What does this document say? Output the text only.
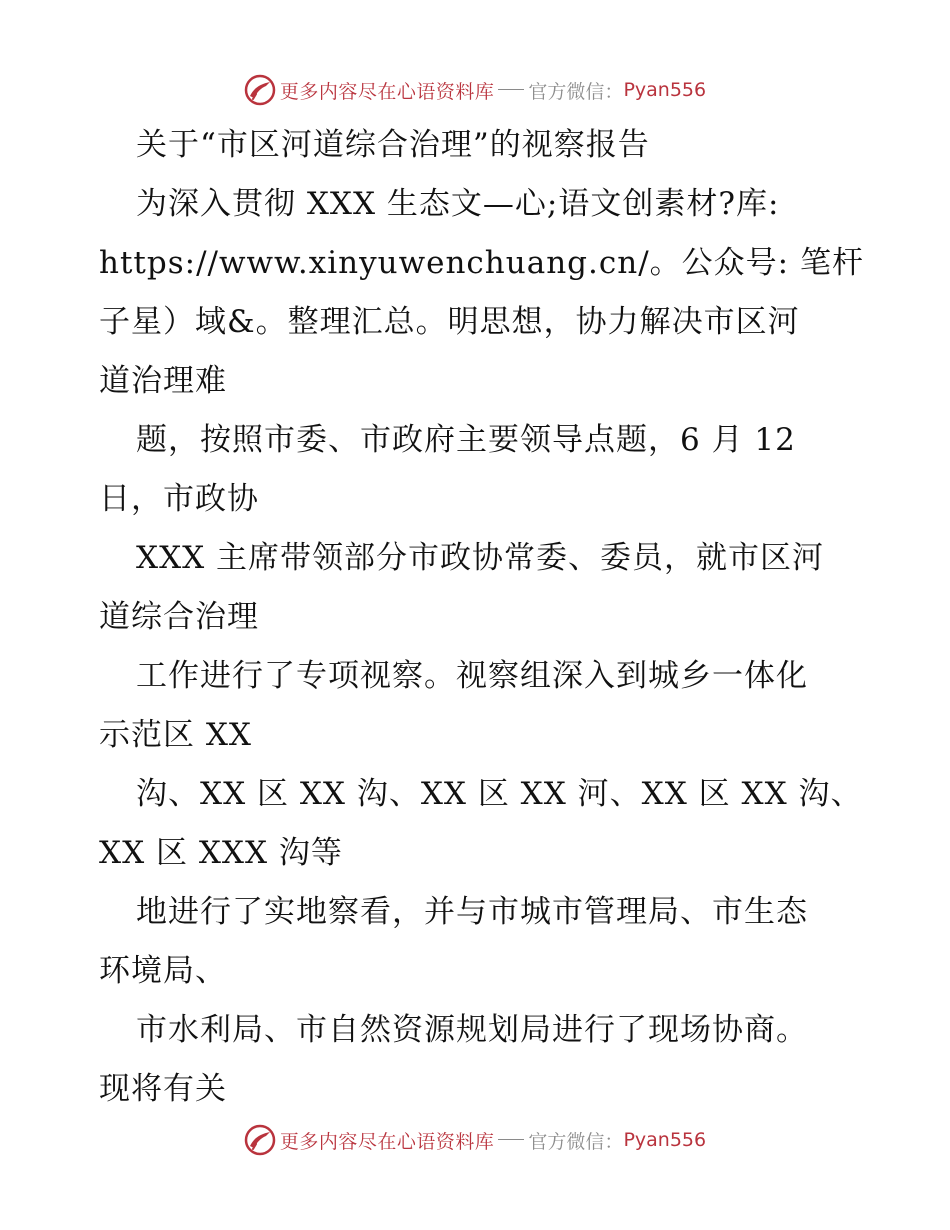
更多内容尽在心语资料库 官方微信： Pyan556
关于“市区河道综合治理”的视察报告
为深入贯彻 XXX 生态文—心;语文创素材?库:
https://www.xinyuwenchuang.cn/。公众号: 笔杆
子星）域&。整理汇总。明思想，协力解决市区河
道治理难
题，按照市委、市政府主要领导点题，6 月 12
日，市政协
XXX 主席带领部分市政协常委、委员，就市区河
道综合治理
工作进行了专项视察。视察组深入到城乡一体化
示范区 XX
沟、XX 区 XX 沟、XX 区 XX 河、XX 区 XX 沟、
XX 区 XXX 沟等
地进行了实地察看，并与市城市管理局、市生态
环境局、
市水利局、市自然资源规划局进行了现场协商。
现将有关
更多内容尽在心语资料库 官方微信： Pyan556
